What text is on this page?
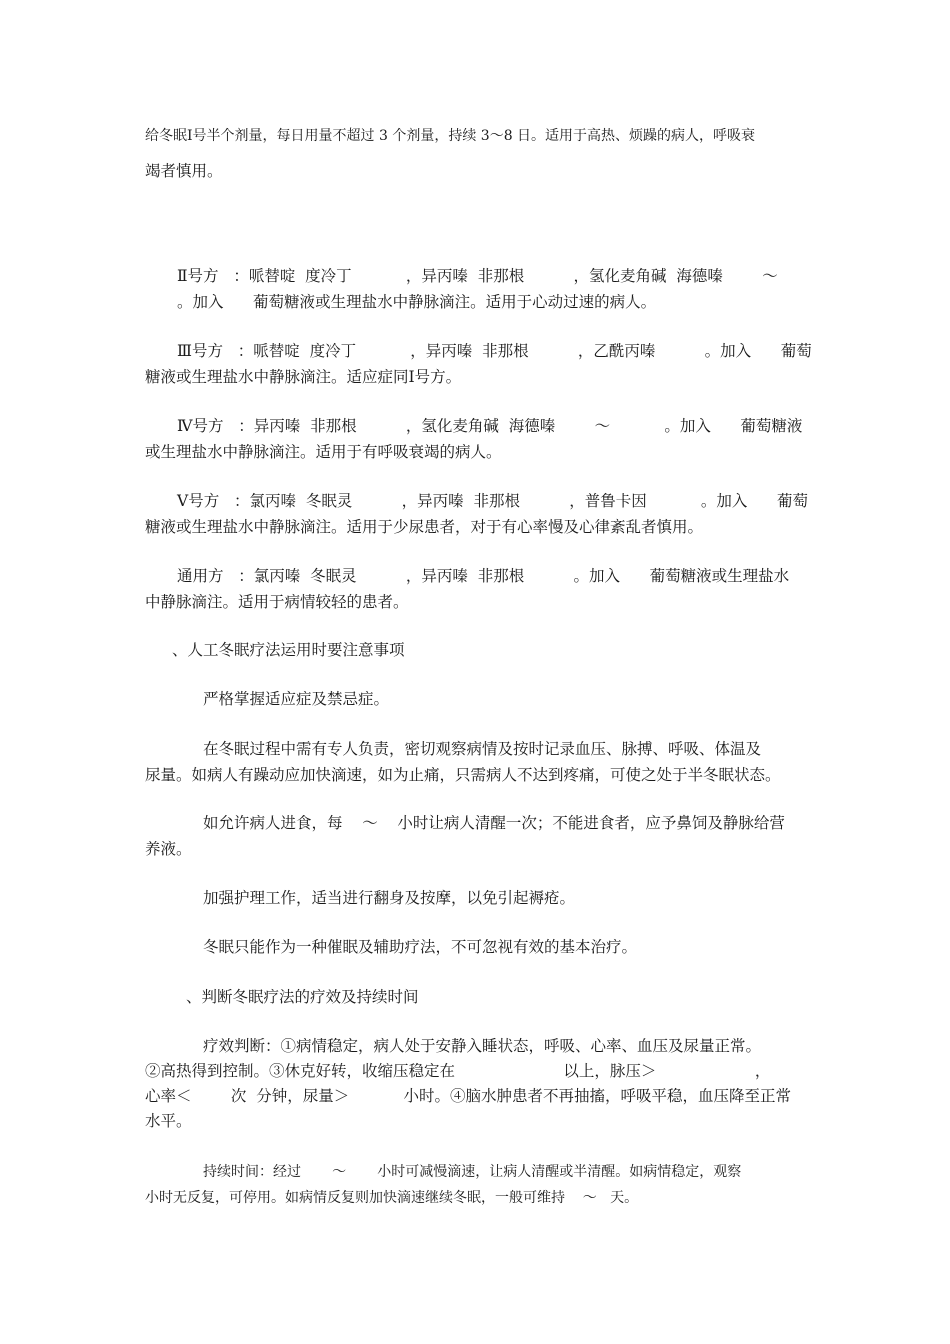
给冬眠Ⅰ号半个剂量，每日用量不超过 3 个剂量，持续 3～8 日。适用于高热、烦躁的病人，呼吸衰
竭者慎用。
Ⅱ号方   ：哌替啶  度冷丁           ，异丙嗪  非那根          ，氢化麦角碱  海德嗪        ～
。加入      葡萄糖液或生理盐水中静脉滴注。适用于心动过速的病人。
Ⅲ号方   ：哌替啶  度冷丁           ，异丙嗪  非那根          ，乙酰丙嗪          。加入      葡萄
糖液或生理盐水中静脉滴注。适应症同Ⅰ号方。
Ⅳ号方   ：异丙嗪  非那根          ，氢化麦角碱  海德嗪        ～           。加入      葡萄糖液
或生理盐水中静脉滴注。适用于有呼吸衰竭的病人。
Ⅴ号方   ：氯丙嗪  冬眠灵          ，异丙嗪  非那根          ，普鲁卡因           。加入      葡萄
糖液或生理盐水中静脉滴注。适用于少尿患者，对于有心率慢及心律紊乱者慎用。
通用方   ：氯丙嗪  冬眠灵          ，异丙嗪  非那根          。加入      葡萄糖液或生理盐水
中静脉滴注。适用于病情较轻的患者。
、人工冬眠疗法运用时要注意事项
严格掌握适应症及禁忌症。
在冬眠过程中需有专人负责，密切观察病情及按时记录血压、脉搏、呼吸、体温及
尿量。如病人有躁动应加快滴速，如为止痛，只需病人不达到疼痛，可使之处于半冬眠状态。
如允许病人进食，每    ～    小时让病人清醒一次；不能进食者，应予鼻饲及静脉给营
养液。
加强护理工作，适当进行翻身及按摩，以免引起褥疮。
冬眠只能作为一种催眠及辅助疗法，不可忽视有效的基本治疗。
、判断冬眠疗法的疗效及持续时间
疗效判断：①病情稳定，病人处于安静入睡状态，呼吸、心率、血压及尿量正常。
②高热得到控制。③休克好转，收缩压稳定在                      以上，脉压＞                    ，
心率＜        次  分钟，尿量＞           小时。④脑水肿患者不再抽搐，呼吸平稳，血压降至正常
水平。
持续时间：经过       ～       小时可减慢滴速，让病人清醒或半清醒。如病情稳定，观察
小时无反复，可停用。如病情反复则加快滴速继续冬眠，一般可维持    ～   天。
